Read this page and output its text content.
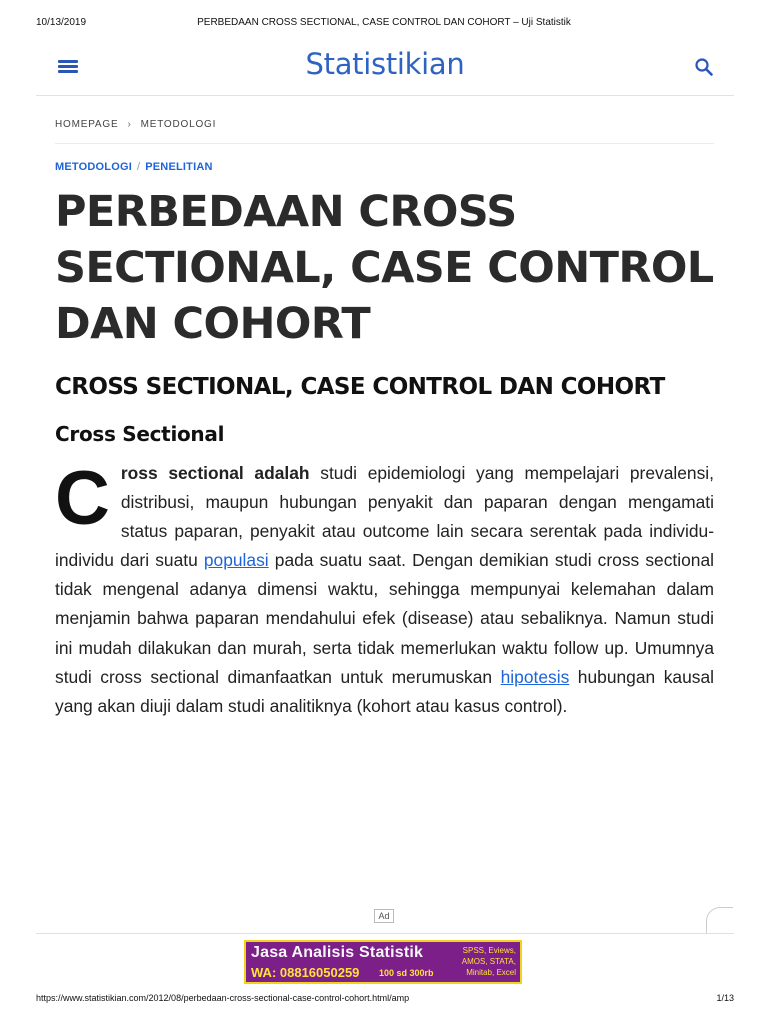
10/13/2019	PERBEDAAN CROSS SECTIONAL, CASE CONTROL DAN COHORT – Uji Statistik
Statistikian
HOMEPAGE › METODOLOGI
METODOLOGI / PENELITIAN
PERBEDAAN CROSS SECTIONAL, CASE CONTROL DAN COHORT
CROSS SECTIONAL, CASE CONTROL DAN COHORT
Cross Sectional

Cross sectional adalah studi epidemiologi yang mempelajari prevalensi, distribusi, maupun hubungan penyakit dan paparan dengan mengamati status paparan, penyakit atau outcome lain secara serentak pada individu- individu dari suatu populasi pada suatu saat. Dengan demikian studi cross sectional tidak mengenal adanya dimensi waktu, sehingga mempunyai kelemahan dalam menjamin bahwa paparan mendahului efek (disease) atau sebaliknya. Namun studi ini mudah dilakukan dan murah, serta tidak memerlukan waktu follow up. Umumnya studi cross sectional dimanfaatkan untuk merumuskan hipotesis hubungan kausal yang akan diuji dalam studi analitiknya (kohort atau kasus control).

Ad
Jasa Analisis Statistik
WA: 08816050259 100 sd 300rb
SPSS, Eviews,
AMOS, STATA,
Minitab, Excel
https://www.statistikian.com/2012/08/perbedaan-cross-sectional-case-control-cohort.html/amp	1/13
